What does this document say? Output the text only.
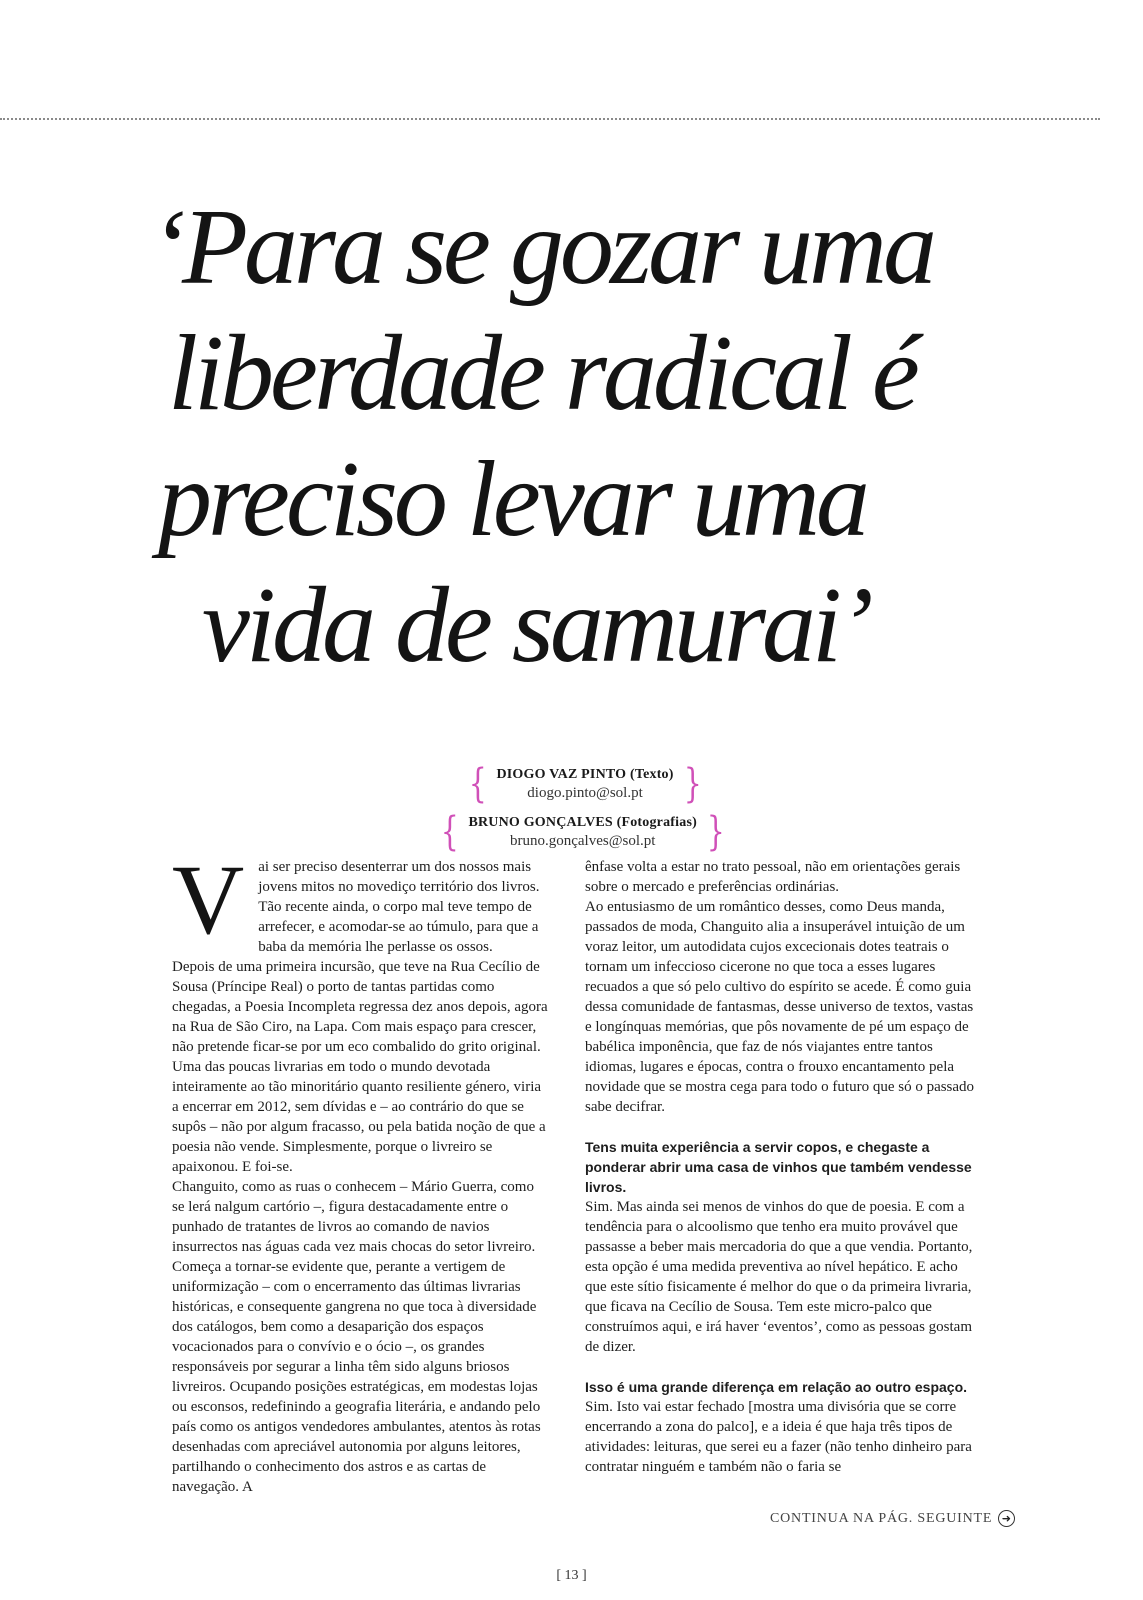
‘Para se gozar uma
liberdade radical é
preciso levar uma
vida de samurai’
{ DIOGO VAZ PINTO (Texto)
diogo.pinto@sol.pt	}
{ BRUNO GONÇALVES (Fotografias)
bruno.gonçalves@sol.pt	}
V ai ser preciso desenterrar um dos nossos mais jovens mitos no movediço território dos livros. Tão recente ainda, o corpo mal teve tempo de arrefecer, e acomodar-se ao túmulo, para que a baba da memória lhe perlasse os ossos.

Depois de uma primeira incursão, que teve na Rua Cecílio de Sousa (Príncipe Real) o porto de tantas partidas como chegadas, a Poesia Incompleta regressa dez anos depois, agora na Rua de São Ciro, na Lapa. Com mais espaço para crescer, não pretende ficar-se por um eco combalido do grito original. Uma das poucas livrarias em todo o mundo devotada inteiramente ao tão minoritário quanto resiliente género, viria a encerrar em 2012, sem dívidas e – ao contrário do que se supôs – não por algum fracasso, ou pela batida noção de que a poesia não vende. Simplesmente, porque o livreiro se apaixonou. E foi-se.

Changuito, como as ruas o conhecem – Mário Guerra, como se lerá nalgum cartório –, figura destacadamente entre o punhado de tratantes de livros ao comando de navios insurrectos nas águas cada vez mais chocas do setor livreiro. Começa a tornar-se evidente que, perante a vertigem de uniformização – com o encerramento das últimas livrarias históricas, e consequente gangrena no que toca à diversidade dos catálogos, bem como a desaparição dos espaços vocacionados para o convívio e o ócio –, os grandes responsáveis por segurar a linha têm sido alguns briosos livreiros. Ocupando posições estratégicas, em modestas lojas ou esconsos, redefinindo a geografia literária, e andando pelo país como os antigos vendedores ambulantes, atentos às rotas desenhadas com apreciável autonomia por alguns leitores, partilhando o conhecimento dos astros e as cartas de navegação. A

ênfase volta a estar no trato pessoal, não em orientações gerais sobre o mercado e preferências ordinárias.

Ao entusiasmo de um romântico desses, como Deus manda, passados de moda, Changuito alia a insuperável intuição de um voraz leitor, um autodidata cujos excecionais dotes teatrais o tornam um infeccioso cicerone no que toca a esses lugares recuados a que só pelo cultivo do espírito se acede. É como guia dessa comunidade de fantasmas, desse universo de textos, vastas e longínquas memórias, que pôs novamente de pé um espaço de babélica imponência, que faz de nós viajantes entre tantos idiomas, lugares e épocas, contra o frouxo encantamento pela novidade que se mostra cega para todo o futuro que só o passado sabe decifrar.

Tens muita experiência a servir copos, e chegaste a ponderar abrir uma casa de vinhos que também vendesse livros.

Sim. Mas ainda sei menos de vinhos do que de poesia. E com a tendência para o alcoolismo que tenho era muito provável que passasse a beber mais mercadoria do que a que vendia. Portanto, esta opção é uma medida preventiva ao nível hepático. E acho que este sítio fisicamente é melhor do que o da primeira livraria, que ficava na Cecílio de Sousa. Tem este micro-palco que construímos aqui, e irá haver ‘eventos’, como as pessoas gostam de dizer.

Isso é uma grande diferença em relação ao outro espaço.

Sim. Isto vai estar fechado [mostra uma divisória que se corre encerrando a zona do palco], e a ideia é que haja três tipos de atividades: leituras, que serei eu a fazer (não tenho dinheiro para contratar ninguém e também não o faria se

CONTINUA NA PÁG. SEGUINTE ➜
[ 13 ]
